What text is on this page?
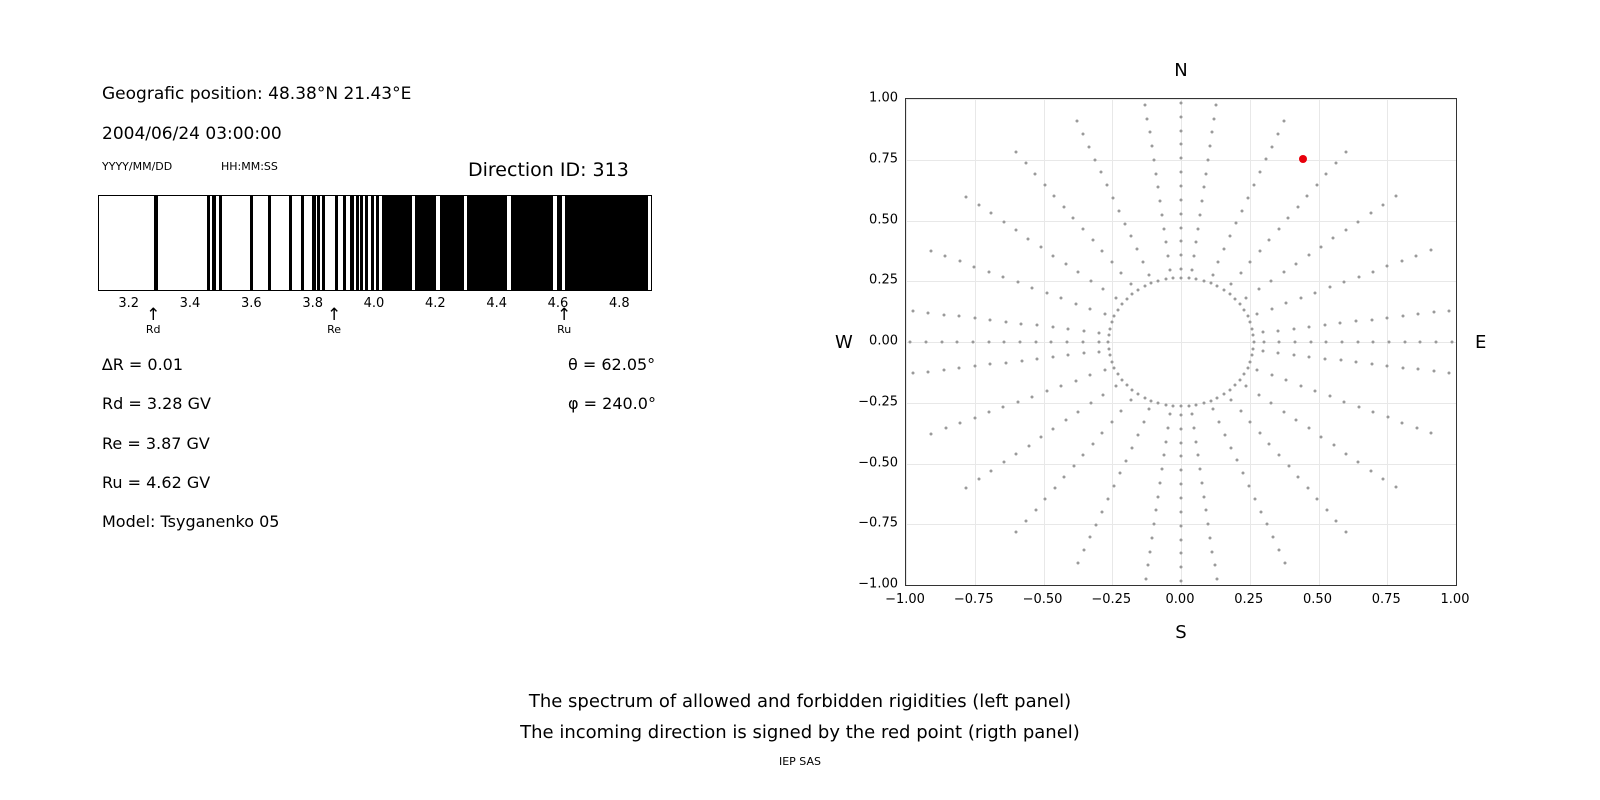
Geografic position: 48.38°N 21.43°E
2004/06/24 03:00:00
YYYY/MM/DD	HH:MM:SS	Direction ID: 313
3.2	3.4	3.6	3.8	4.0	4.2	4.4	4.6	4.8
↑
Rd
↑
Re
↑
Ru
∆R = 0.01
Rd = 3.28 GV
Re = 3.87 GV
Ru = 4.62 GV
Model: Tsyganenko 05
θ = 62.05°
φ = 240.0°
−1.00
−0.75
−0.50
−0.25
0.00
0.25
0.50
0.75
1.00
−1.00 −0.75 −0.50 −0.25	0.00	0.25	0.50	0.75	1.00
N
S
W	E
The spectrum of allowed and forbidden rigidities (left panel)
The incoming direction is signed by the red point (rigth panel)
IEP SAS
